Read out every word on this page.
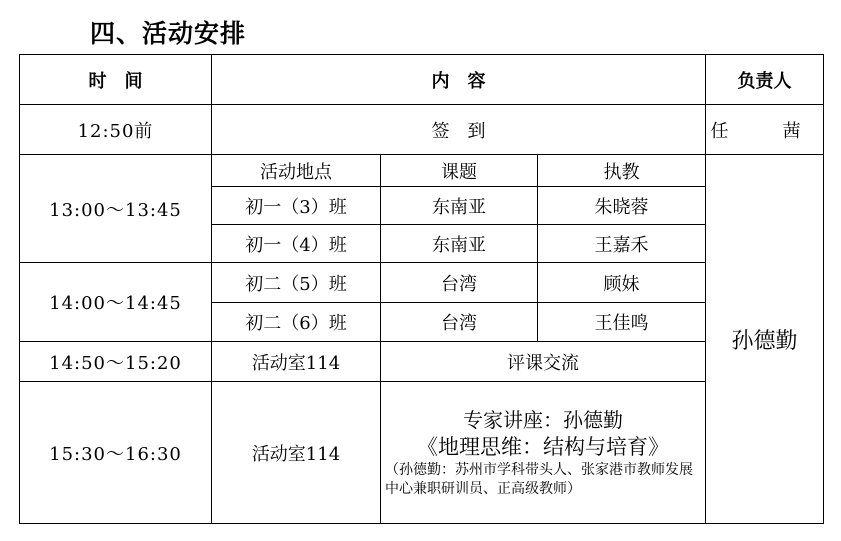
四、活动安排
时　间	内　容			负责人
12:50前	签　到			任　茜
13:00～13:45	活动地点	课题	执教	孙德勤
	初一（3）班	东南亚	朱晓蓉	
	初一（4）班	东南亚	王嘉禾	
14:00～14:45	初二（5）班	台湾	顾妹	
	初二（6）班	台湾	王佳鸣	
14:50～15:20	活动室114	评课交流		
15:30～16:30	活动室114	专家讲座：孙德勤
《地理思维：结构与培育》
（孙德勤：苏州市学科带头人、张家港市教师发展中心兼职研训员、正高级教师）		
